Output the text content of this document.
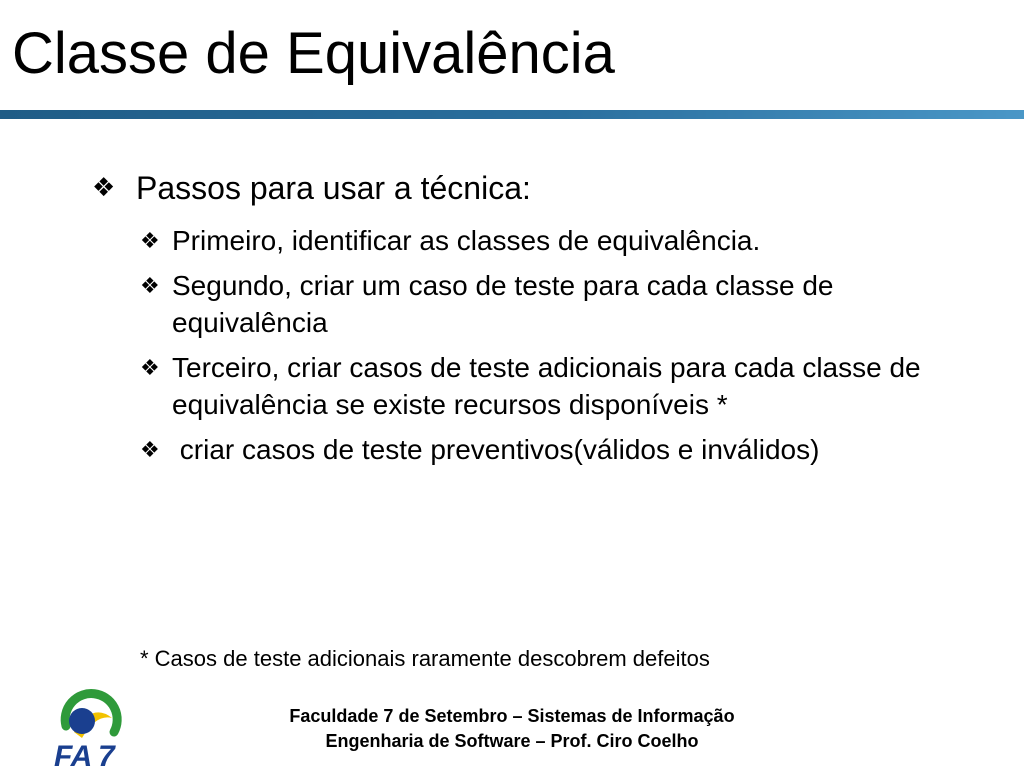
Classe de Equivalência
❖ Passos para usar a técnica:
❖ Primeiro, identificar as classes de equivalência.
❖ Segundo, criar um caso de teste para cada classe de equivalência
❖ Terceiro, criar casos de teste adicionais para cada classe de equivalência se existe recursos disponíveis *
❖ criar casos de teste preventivos(válidos e inválidos)
* Casos de teste adicionais raramente descobrem defeitos
FA 7
Faculdade 7 de Setembro – Sistemas de Informação
Engenharia de Software – Prof. Ciro Coelho
